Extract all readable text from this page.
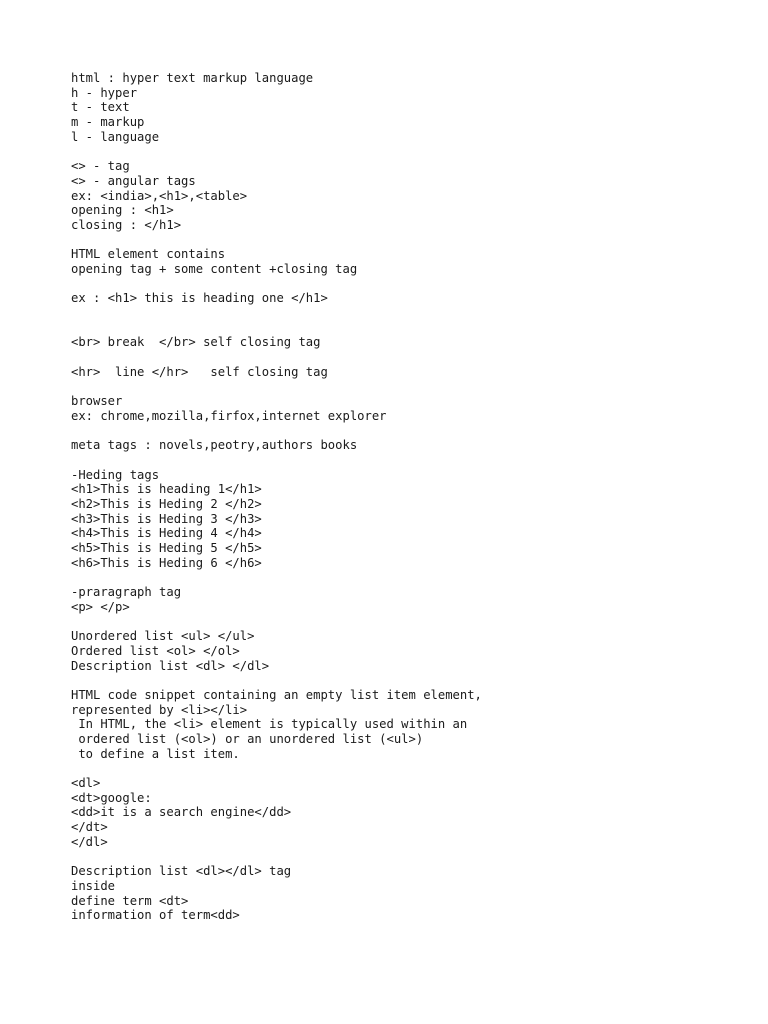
html : hyper text markup language
h - hyper
t - text
m - markup
l - language
<> - tag
<> - angular tags
ex: <india>,<h1>,<table>
opening : <h1>
closing : </h1>
HTML element contains
opening tag + some content +closing tag
ex : <h1> this is heading one </h1>
<br> break  </br> self closing tag
<hr>  line </hr>   self closing tag
browser
ex: chrome,mozilla,firfox,internet explorer
meta tags : novels,peotry,authors books
-Heding tags
<h1>This is heading 1</h1>
<h2>This is Heding 2 </h2>
<h3>This is Heding 3 </h3>
<h4>This is Heding 4 </h4>
<h5>This is Heding 5 </h5>
<h6>This is Heding 6 </h6>
-praragraph tag
<p> </p>
Unordered list <ul> </ul>
Ordered list <ol> </ol>
Description list <dl> </dl>
HTML code snippet containing an empty list item element,
represented by <li></li>
In HTML, the <li> element is typically used within an
ordered list (<ol>) or an unordered list (<ul>)
to define a list item.
<dl>
<dt>google:
<dd>it is a search engine</dd>
</dt>
</dl>
Description list <dl></dl> tag
inside
define term <dt>
information of term<dd>
